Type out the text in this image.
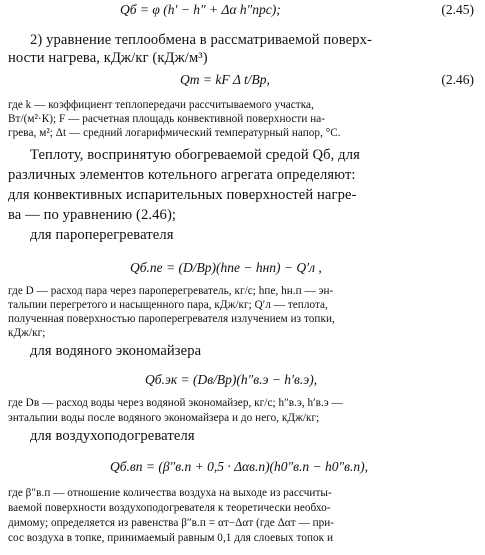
Qб = φ (h′ − h″ + Δα h″прс);	(2.45)
2) уравнение теплообмена в рассматриваемой поверх-
ности нагрева, кДж/кг (кДж/м³)
Qт = kF Δ t/Bp,	(2.46)
где k — коэффициент теплопередачи рассчитываемого участка,
Вт/(м²·К); F — расчетная площадь конвективной поверхности на-
грева, м²; Δt — средний логарифмический температурный напор, °С.
Теплоту, воспринятую обогреваемой средой Qб, для
различных элементов котельного агрегата определяют:
для конвективных испарительных поверхностей нагре-
ва — по уравнению (2.46);
для пароперегревателя
Qб.пе = (D/Bp)(hпе − hнп) − Q′л ,
где D — расход пара через пароперегреватель, кг/с; hпе, hн.п — эн-
тальпии перегретого и насыщенного пара, кДж/кг; Q′л — теплота,
полученная поверхностью пароперегревателя излучением из топки,
кДж/кг;
для водяного экономайзера
Qб.эк = (Dв/Bp)(h″в.э − h′в.э),
где Dв — расход воды через водяной экономайзер, кг/с; h″в.э, h′в.э —
энтальпии воды после водяного экономайзера и до него, кДж/кг;
для воздухоподогревателя
Qб.вп = (β″в.п + 0,5 · Δαв.п)(h0″в.п − h0″в.п),
где β″в.п — отношение количества воздуха на выходе из рассчиты-
ваемой поверхности воздухоподогревателя к теоретически необхо-
димому; определяется из равенства β″в.п = αт−Δαт (где Δαт — при-
сос воздуха в топке, принимаемый равным 0,1 для слоевых топок и
